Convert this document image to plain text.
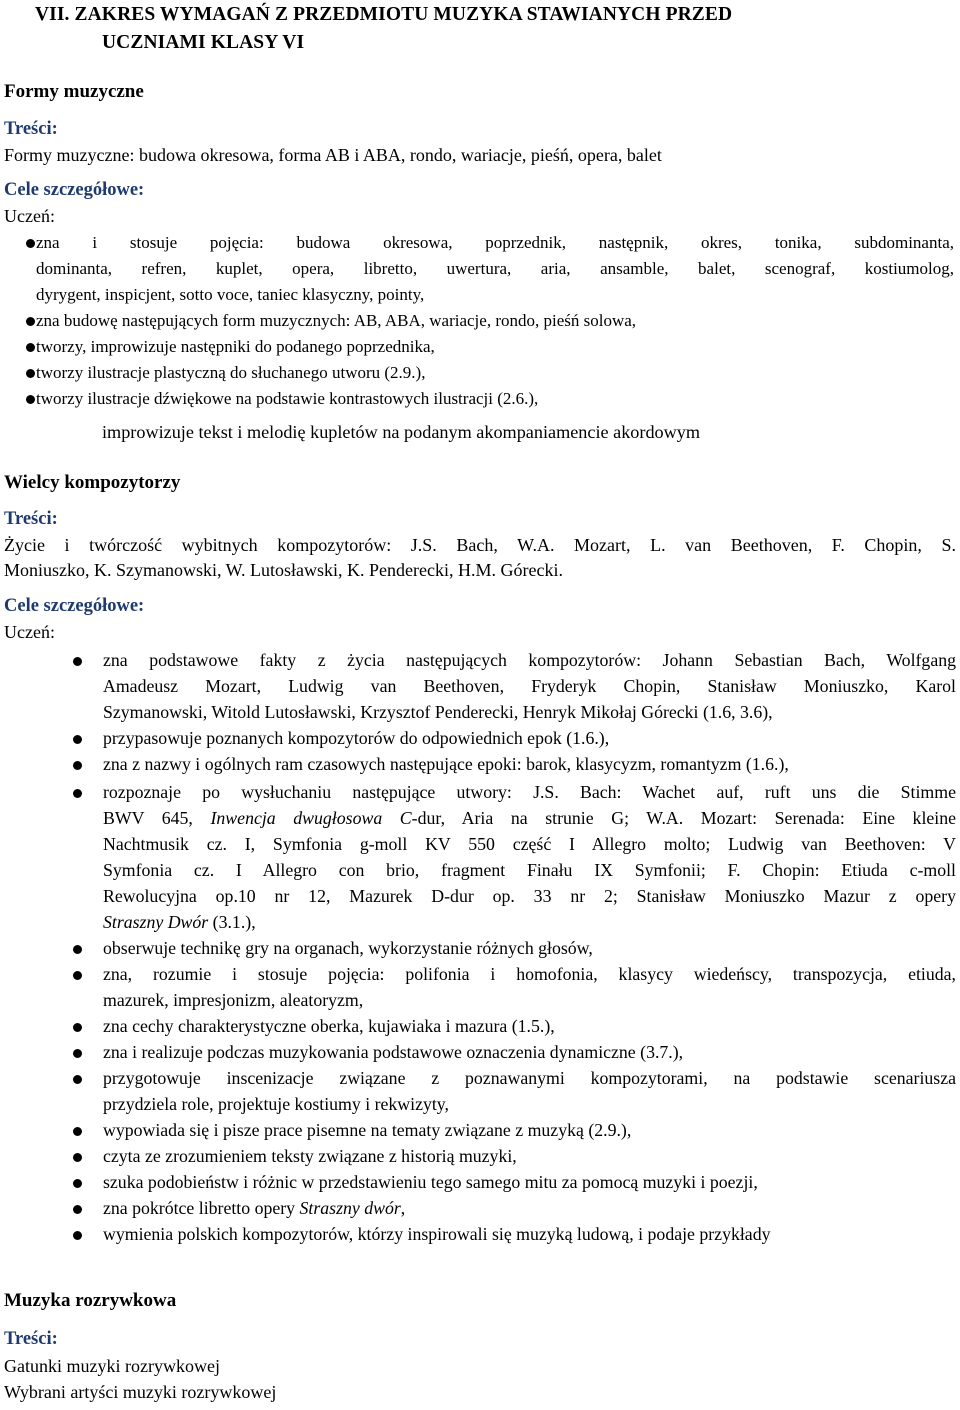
VII. ZAKRES WYMAGAŃ Z PRZEDMIOTU MUZYKA STAWIANYCH PRZED
UCZNIAMI KLASY VI
Formy muzyczne
Treści:
Formy muzyczne: budowa okresowa, forma AB i ABA, rondo, wariacje, pieśń, opera, balet
Cele szczegółowe:
Uczeń:
zna i stosuje pojęcia: budowa okresowa, poprzednik, następnik, okres, tonika, subdominanta,
dominanta, refren, kuplet, opera, libretto, uwertura, aria, ansamble, balet, scenograf, kostiumolog,
dyrygent, inspicjent, sotto voce, taniec klasyczny, pointy,
zna budowę następujących form muzycznych: AB, ABA, wariacje, rondo, pieśń solowa,
tworzy, improwizuje następniki do podanego poprzednika,
tworzy ilustracje plastyczną do słuchanego utworu (2.9.),
tworzy ilustracje dźwiękowe na podstawie kontrastowych ilustracji (2.6.),
improwizuje tekst i melodię kupletów na podanym akompaniamencie akordowym
Wielcy kompozytorzy
Treści:
Życie i twórczość wybitnych kompozytorów: J.S. Bach, W.A. Mozart, L. van Beethoven, F. Chopin, S.
Moniuszko, K. Szymanowski, W. Lutosławski, K. Penderecki, H.M. Górecki.
Cele szczegółowe:
Uczeń:
zna podstawowe fakty z życia następujących kompozytorów: Johann Sebastian Bach, Wolfgang
Amadeusz Mozart, Ludwig van Beethoven, Fryderyk Chopin, Stanisław Moniuszko, Karol
Szymanowski, Witold Lutosławski, Krzysztof Penderecki, Henryk Mikołaj Górecki (1.6, 3.6),
przypasowuje poznanych kompozytorów do odpowiednich epok (1.6.),
zna z nazwy i ogólnych ram czasowych następujące epoki: barok, klasycyzm, romantyzm (1.6.),
rozpoznaje po wysłuchaniu następujące utwory: J.S. Bach: Wachet auf, ruft uns die Stimme
BWV 645, Inwencja dwugłosowa C-dur, Aria na strunie G; W.A. Mozart: Serenada: Eine kleine
Nachtmusik cz. I, Symfonia g-moll KV 550 część I Allegro molto; Ludwig van Beethoven: V
Symfonia cz. I Allegro con brio, fragment Finału IX Symfonii; F. Chopin: Etiuda c-moll
Rewolucyjna op.10 nr 12, Mazurek D-dur op. 33 nr 2; Stanisław Moniuszko Mazur z opery
Straszny Dwór (3.1.),
obserwuje technikę gry na organach, wykorzystanie różnych głosów,
zna, rozumie i stosuje pojęcia: polifonia i homofonia, klasycy wiedeńscy, transpozycja, etiuda,
mazurek, impresjonizm, aleatoryzm,
zna cechy charakterystyczne oberka, kujawiaka i mazura (1.5.),
zna i realizuje podczas muzykowania podstawowe oznaczenia dynamiczne (3.7.),
przygotowuje inscenizacje związane z poznawanymi kompozytorami, na podstawie scenariusza
przydziela role, projektuje kostiumy i rekwizyty,
wypowiada się i pisze prace pisemne na tematy związane z muzyką (2.9.),
czyta ze zrozumieniem teksty związane z historią muzyki,
szuka podobieństw i różnic w przedstawieniu tego samego mitu za pomocą muzyki i poezji,
zna pokrótce libretto opery Straszny dwór,
wymienia polskich kompozytorów, którzy inspirowali się muzyką ludową, i podaje przykłady
Muzyka rozrywkowa
Treści:
Gatunki muzyki rozrywkowej
Wybrani artyści muzyki rozrywkowej
